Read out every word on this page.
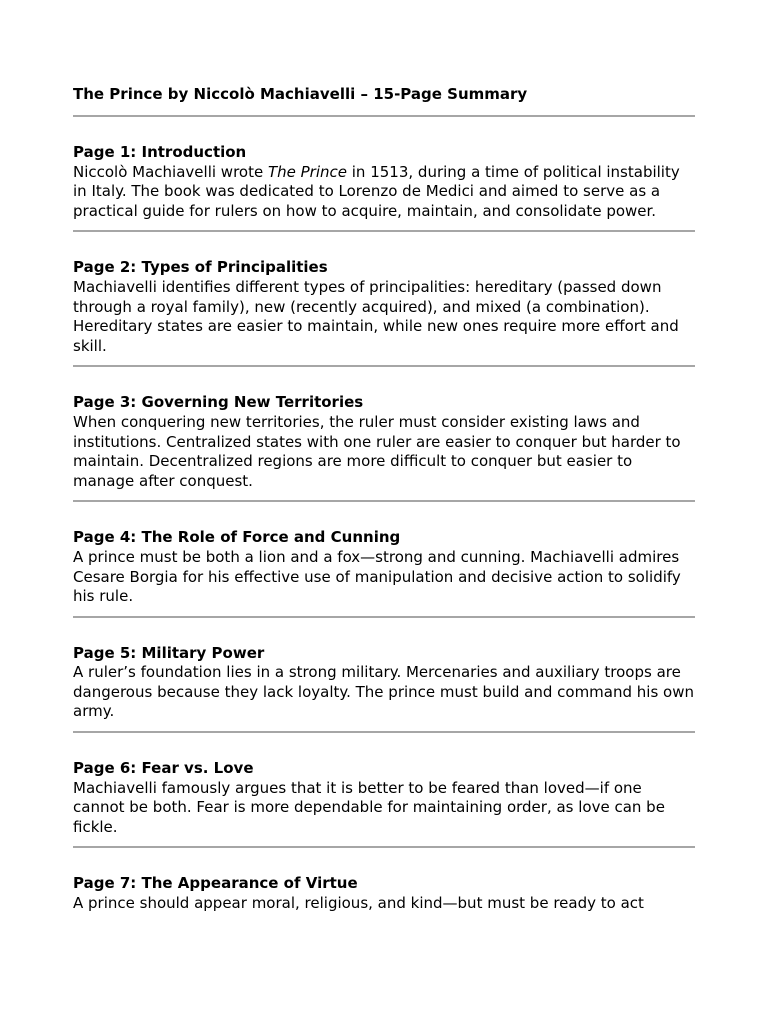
The Prince by Niccolò Machiavelli – 15-Page Summary

Page 1: Introduction

Niccolò Machiavelli wrote The Prince in 1513, during a time of political instability in Italy. The book was dedicated to Lorenzo de Medici and aimed to serve as a practical guide for rulers on how to acquire, maintain, and consolidate power.

Page 2: Types of Principalities

Machiavelli identifies different types of principalities: hereditary (passed down through a royal family), new (recently acquired), and mixed (a combination). Hereditary states are easier to maintain, while new ones require more effort and skill.

Page 3: Governing New Territories

When conquering new territories, the ruler must consider existing laws and institutions. Centralized states with one ruler are easier to conquer but harder to maintain. Decentralized regions are more difficult to conquer but easier to manage after conquest.

Page 4: The Role of Force and Cunning

A prince must be both a lion and a fox—strong and cunning. Machiavelli admires Cesare Borgia for his effective use of manipulation and decisive action to solidify his rule.

Page 5: Military Power

A ruler’s foundation lies in a strong military. Mercenaries and auxiliary troops are dangerous because they lack loyalty. The prince must build and command his own army.

Page 6: Fear vs. Love

Machiavelli famously argues that it is better to be feared than loved—if one cannot be both. Fear is more dependable for maintaining order, as love can be fickle.

Page 7: The Appearance of Virtue

A prince should appear moral, religious, and kind—but must be ready to act
